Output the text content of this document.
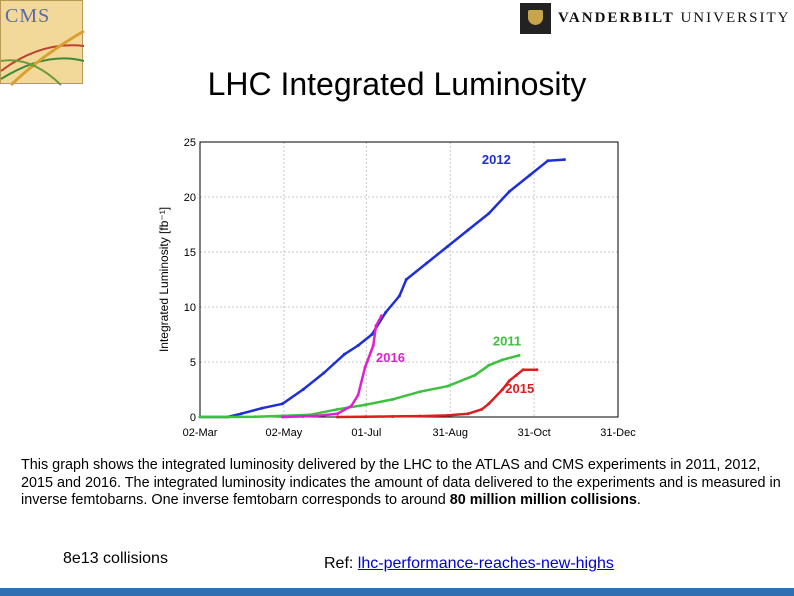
CMS	VANDERBILT UNIVERSITY
LHC Integrated Luminosity
0
5
10
15
20
25
02-Mar	02-May	01-Jul	31-Aug	31-Oct	31-Dec
Integrated Luminosity [fb⁻¹]
2012
2011
2016
2015
This graph shows the integrated luminosity delivered by the LHC to the ATLAS and CMS experiments in 2011, 2012, 2015 and 2016. The integrated luminosity indicates the amount of data delivered to the experiments and is measured in inverse femtobarns. One inverse femtobarn corresponds to around 80 million million collisions.
8e13 collisions	Ref: lhc-performance-reaches-new-highs
